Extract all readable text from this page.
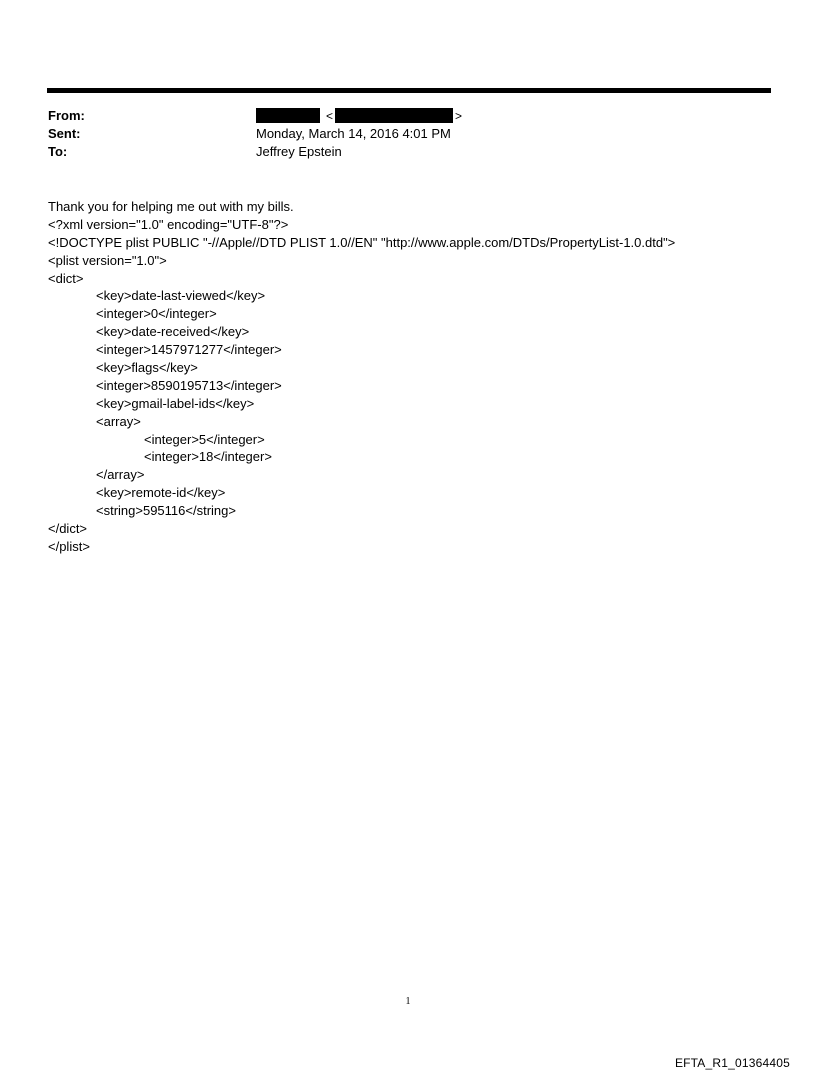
From:	<	>
Sent:	Monday, March 14, 2016 4:01 PM
To:	Jeffrey Epstein
Thank you for helping me out with my bills.
<?xml version="1.0" encoding="UTF-8"?>
<!DOCTYPE plist PUBLIC "-//Apple//DTD PLIST 1.0//EN" "http://www.apple.com/DTDs/PropertyList-1.0.dtd">
<plist version="1.0">
<dict>
<key>date-last-viewed</key>
<integer>0</integer>
<key>date-received</key>
<integer>1457971277</integer>
<key>flags</key>
<integer>8590195713</integer>
<key>gmail-label-ids</key>
<array>
<integer>5</integer>
<integer>18</integer>
</array>
<key>remote-id</key>
<string>595116</string>
</dict>
</plist>
1
EFTA_R1_01364405
